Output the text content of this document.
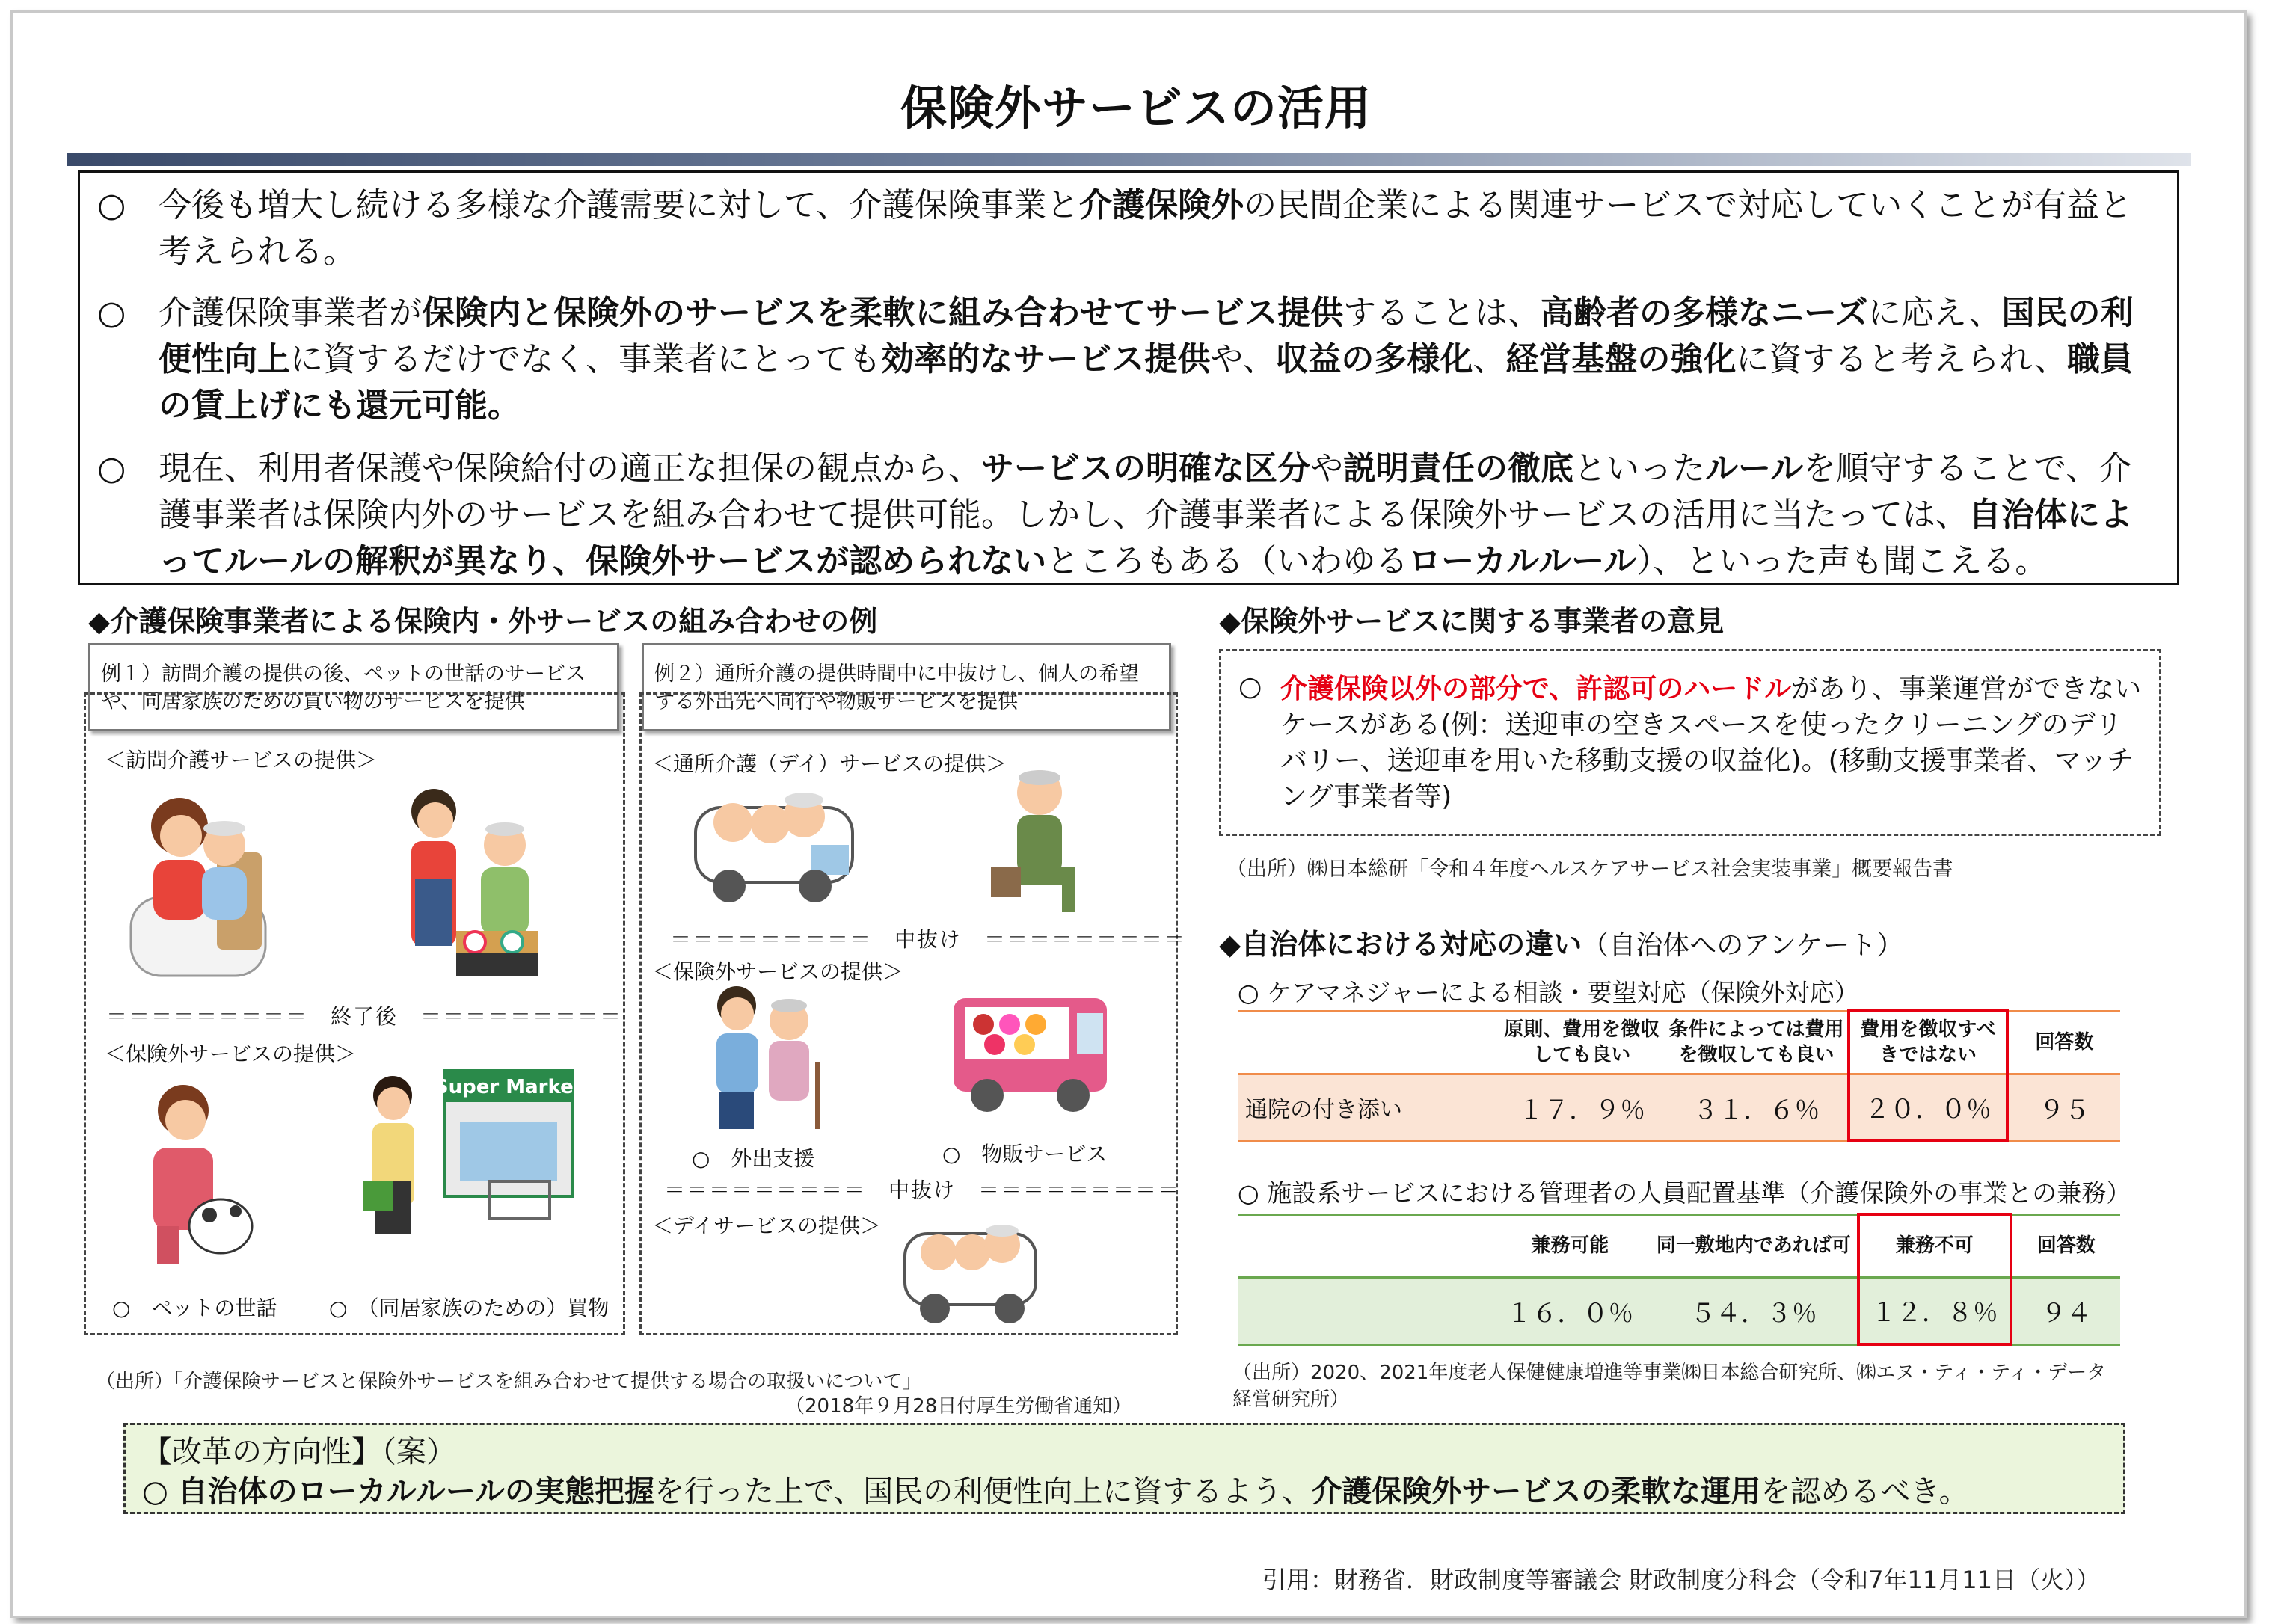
保険外サービスの活用
○ 今後も増大し続ける多様な介護需要に対して、介護保険事業と介護保険外の民間企業による関連サービスで対応していくことが有益と考えられる。
○ 介護保険事業者が保険内と保険外のサービスを柔軟に組み合わせてサービス提供することは、高齢者の多様なニーズに応え、国民の利便性向上に資するだけでなく、事業者にとっても効率的なサービス提供や、収益の多様化、経営基盤の強化に資すると考えられ、職員の賃上げにも還元可能。
○ 現在、利用者保護や保険給付の適正な担保の観点から、サービスの明確な区分や説明責任の徹底といったルールを順守することで、介護事業者は保険内外のサービスを組み合わせて提供可能。しかし、介護事業者による保険外サービスの活用に当たっては、自治体によってルールの解釈が異なり、保険外サービスが認められないところもある（いわゆるローカルルール）、といった声も聞こえる。
◆介護保険事業者による保険内・外サービスの組み合わせの例
例１）訪問介護の提供の後、ペットの世話のサービスや、同居家族のための買い物のサービスを提供
例２）通所介護の提供時間中に中抜けし、個人の希望する外出先へ同行や物販サービスを提供
＜訪問介護サービスの提供＞
＝＝＝＝＝＝＝＝＝　終了後　＝＝＝＝＝＝＝＝＝
＜保険外サービスの提供＞
Super Market
○　ペットの世話 ○　（同居家族のための）買物
＜通所介護（デイ）サービスの提供＞
＝＝＝＝＝＝＝＝＝　中抜け　＝＝＝＝＝＝＝＝＝
＜保険外サービスの提供＞
○　外出支援	○　物販サービス
＝＝＝＝＝＝＝＝＝　中抜け　＝＝＝＝＝＝＝＝＝
＜デイサービスの提供＞
（出所）「介護保険サービスと保険外サービスを組み合わせて提供する場合の取扱いについて」
（2018年９月28日付厚生労働省通知）
◆保険外サービスに関する事業者の意見
○ 介護保険以外の部分で、許認可のハードルがあり、事業運営ができないケースがある(例：送迎車の空きスペースを使ったクリーニングのデリバリー、送迎車を用いた移動支援の収益化)。(移動支援事業者、マッチング事業者等)
（出所）㈱日本総研「令和４年度ヘルスケアサービス社会実装事業」概要報告書
◆自治体における対応の違い（自治体へのアンケート）
○ ケアマネジャーによる相談・要望対応（保険外対応）
	原則、費用を徴収しても良い	条件によっては費用を徴収しても良い	費用を徴収すべきではない	回答数
通院の付き添い	１７．９％	３１．６％	２０．０％	９５
○ 施設系サービスにおける管理者の人員配置基準（介護保険外の事業との兼務）
	兼務可能	同一敷地内であれば可	兼務不可	回答数
	１６．０％	５４．３％	１２．８％	９４
（出所）2020、2021年度老人保健健康増進等事業㈱日本総合研究所、㈱エヌ・ティ・ティ・データ経営研究所）
【改革の方向性】（案）
○ 自治体のローカルルールの実態把握を行った上で、国民の利便性向上に資するよう、介護保険外サービスの柔軟な運用を認めるべき。
引用：財務省．財政制度等審議会 財政制度分科会（令和7年11月11日（火））
